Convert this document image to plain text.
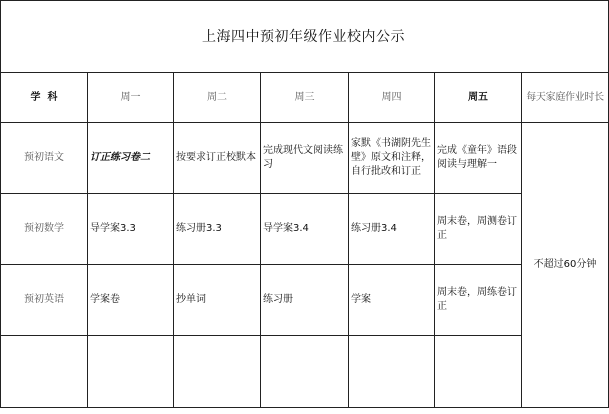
上海四中预初年级作业校内公示						
学  科	周一	周二	周三	周四	周五	每天家庭作业时长
预初语文	订正练习卷二	按要求订正校默本	完成现代文阅读练习	家默《书湖阴先生壁》原文和注释，自行批改和订正	完成《童年》语段阅读与理解一	不超过60分钟
预初数学	导学案3.3	练习册3.3	导学案3.4	练习册3.4	周末卷，周测卷订正	
预初英语	学案卷	抄单词	练习册	学案	周末卷，周练卷订正	
